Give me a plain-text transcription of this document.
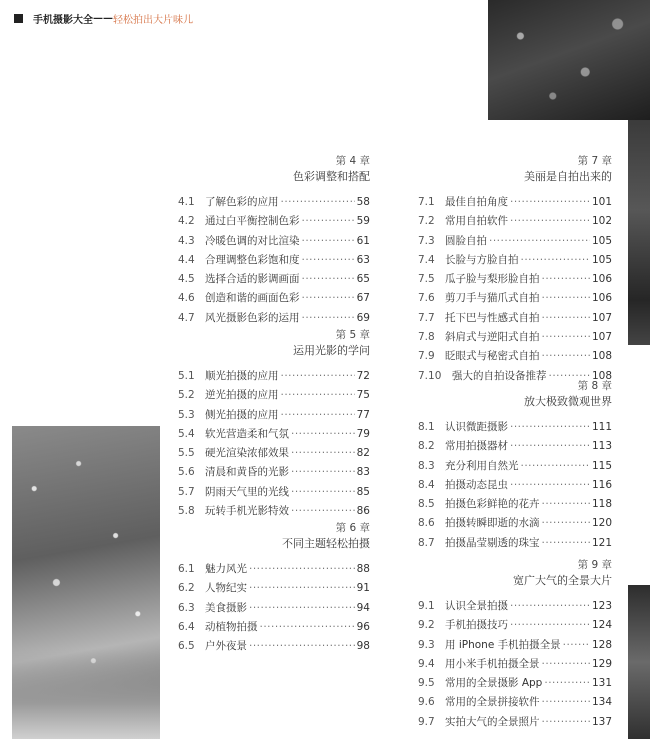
手机摄影大全 —— 轻松拍出大片味儿
第 4 章
色彩调整和搭配
4.1 了解色彩的应用 ·····	58
4.2 通过白平衡控制色彩 ·····	59
4.3 冷暖色调的对比渲染 ·····	61
4.4 合理调整色彩饱和度 ·····	63
4.5 选择合适的影调画面 ·····	65
4.6 创造和谐的画面色彩 ·····	67
4.7 风光摄影色彩的运用 ·····	69
第 5 章
运用光影的学问
5.1 顺光拍摄的应用 ·····	72
5.2 逆光拍摄的应用 ·····	75
5.3 侧光拍摄的应用 ·····	77
5.4 软光营造柔和气氛 ·····	79
5.5 硬光渲染浓郁效果 ·····	82
5.6 清晨和黄昏的光影 ·····	83
5.7 阴雨天气里的光线 ·····	85
5.8 玩转手机光影特效 ·····	86
第 6 章
不同主题轻松拍摄
6.1 魅力风光 ·····	88
6.2 人物纪实 ·····	91
6.3 美食摄影 ·····	94
6.4 动植物拍摄 ·····	96
6.5 户外夜景 ·····	98
第 7 章
美丽是自拍出来的
7.1 最佳自拍角度 ·····	101
7.2 常用自拍软件 ·····	102
7.3 圆脸自拍 ·····	105
7.4 长脸与方脸自拍 ·····	105
7.5 瓜子脸与梨形脸自拍 ·····	106
7.6 剪刀手与猫爪式自拍 ·····	106
7.7 托下巴与性感式自拍 ·····	107
7.8 斜肩式与逆阳式自拍 ·····	107
7.9 眨眼式与秘密式自拍 ·····	108
7.10	强大的自拍设备推荐 ·····	108
第 8 章
放大极致微观世界
8.1 认识微距摄影 ·····	111
8.2 常用拍摄器材 ·····	113
8.3 充分利用自然光 ·····	115
8.4 拍摄动态昆虫 ·····	116
8.5 拍摄色彩鲜艳的花卉 ·····	118
8.6 拍摄转瞬即逝的水滴 ·····	120
8.7 拍摄晶莹剔透的珠宝 ·····	121
第 9 章
宽广大气的全景大片
9.1 认识全景拍摄 ·····	123
9.2 手机拍摄技巧 ·····	124
9.3 用 iPhone 手机拍摄全景 ·····	128
9.4 用小米手机拍摄全景 ·····	129
9.5 常用的全景摄影 App ·····	131
9.6 常用的全景拼接软件 ·····	134
9.7 实拍大气的全景照片 ·····	137
